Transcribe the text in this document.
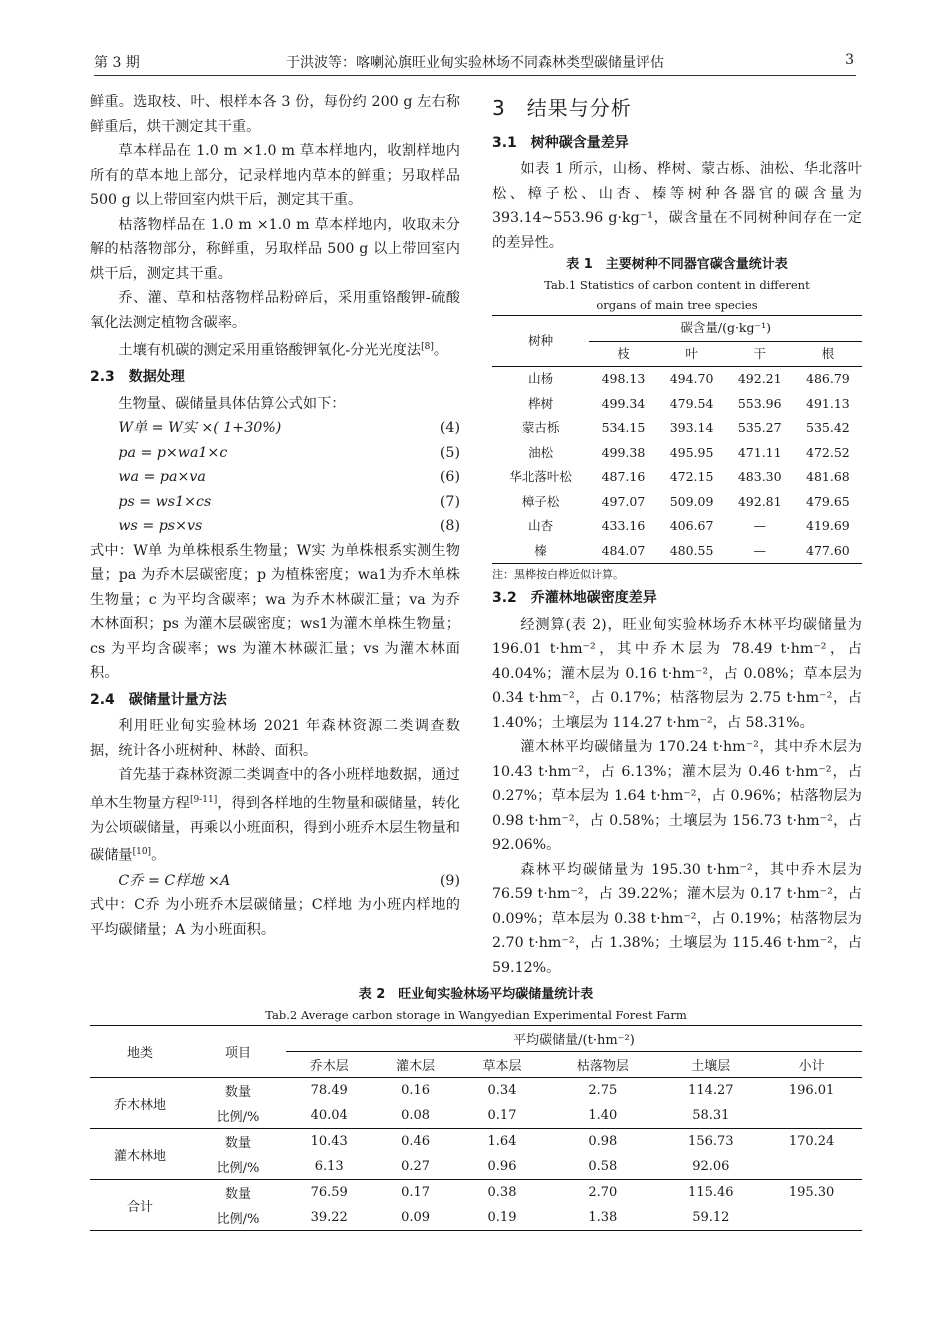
第 3 期	于洪波等：喀喇沁旗旺业甸实验林场不同森林类型碳储量评估	3

鲜重。选取枝、叶、根样本各 3 份，每份约 200 g 左右称鲜重后，烘干测定其干重。

草本样品在 1.0 m ×1.0 m 草本样地内，收割样地内所有的草本地上部分，记录样地内草本的鲜重；另取样品 500 g 以上带回室内烘干后，测定其干重。

枯落物样品在 1.0 m ×1.0 m 草本样地内，收取未分解的枯落物部分，称鲜重，另取样品 500 g 以上带回室内烘干后，测定其干重。

乔、灌、草和枯落物样品粉碎后，采用重铬酸钾-硫酸氧化法测定植物含碳率。

土壤有机碳的测定采用重铬酸钾氧化-分光光度法[8]。

2.3　数据处理

生物量、碳储量具体估算公式如下：

W单 = W实 ×( 1+30%)	(4)
pa = p×wa1×c	(5)
wa = pa×va	(6)
ps = ws1×cs	(7)
ws = ps×vs	(8)

式中：W单 为单株根系生物量；W实 为单株根系实测生物量；pa 为乔木层碳密度；p 为植株密度；wa1为乔木单株生物量；c 为平均含碳率；wa 为乔木林碳汇量；va 为乔木林面积；ps 为灌木层碳密度；ws1为灌木单株生物量；cs 为平均含碳率；ws 为灌木林碳汇量；vs 为灌木林面积。

2.4　碳储量计量方法

利用旺业甸实验林场 2021 年森林资源二类调查数据，统计各小班树种、林龄、面积。

首先基于森林资源二类调查中的各小班样地数据，通过单木生物量方程[9-11]，得到各样地的生物量和碳储量，转化为公顷碳储量，再乘以小班面积，得到小班乔木层生物量和碳储量[10]。

C乔 = C样地 ×A	(9)

式中：C乔 为小班乔木层碳储量；C样地 为小班内样地的平均碳储量；A 为小班面积。

3　结果与分析
3.1　树种碳含量差异

如表 1 所示，山杨、桦树、蒙古栎、油松、华北落叶松、樟子松、山杏、榛等树种各器官的碳含量为 393.14~553.96 g·kg⁻¹，碳含量在不同树种间存在一定的差异性。

表 1　主要树种不同器官碳含量统计表
Tab.1 Statistics of carbon content in different
organs of main tree species
树种	碳含量/(g·kg⁻¹)			
	枝	叶	干	根
山杨	498.13	494.70	492.21	486.79
桦树	499.34	479.54	553.96	491.13
蒙古栎	534.15	393.14	535.27	535.42
油松	499.38	495.95	471.11	472.52
华北落叶松	487.16	472.15	483.30	481.68
樟子松	497.07	509.09	492.81	479.65
山杏	433.16	406.67	—	419.69
榛	484.07	480.55	—	477.60
注：黑桦按白桦近似计算。
3.2　乔灌林地碳密度差异

经测算(表 2)，旺业甸实验林场乔木林平均碳储量为 196.01 t·hm⁻²，其中乔木层为 78.49 t·hm⁻²，占 40.04%；灌木层为 0.16 t·hm⁻²，占 0.08%；草本层为 0.34 t·hm⁻²，占 0.17%；枯落物层为 2.75 t·hm⁻²，占 1.40%；土壤层为 114.27 t·hm⁻²，占 58.31%。

灌木林平均碳储量为 170.24 t·hm⁻²，其中乔木层为 10.43 t·hm⁻²，占 6.13%；灌木层为 0.46 t·hm⁻²，占 0.27%；草本层为 1.64 t·hm⁻²，占 0.96%；枯落物层为 0.98 t·hm⁻²，占 0.58%；土壤层为 156.73 t·hm⁻²，占 92.06%。

森林平均碳储量为 195.30 t·hm⁻²，其中乔木层为 76.59 t·hm⁻²，占 39.22%；灌木层为 0.17 t·hm⁻²，占 0.09%；草本层为 0.38 t·hm⁻²，占 0.19%；枯落物层为 2.70 t·hm⁻²，占 1.38%；土壤层为 115.46 t·hm⁻²，占 59.12%。

表 2　旺业甸实验林场平均碳储量统计表
Tab.2 Average carbon storage in Wangyedian Experimental Forest Farm
地类	项目	平均碳储量/(t·hm⁻²)					
		乔木层	灌木层	草本层	枯落物层	土壤层	小计
乔木林地	数量	78.49	0.16	0.34	2.75	114.27	196.01
	比例/%	40.04	0.08	0.17	1.40	58.31	
灌木林地	数量	10.43	0.46	1.64	0.98	156.73	170.24
	比例/%	6.13	0.27	0.96	0.58	92.06	
合计	数量	76.59	0.17	0.38	2.70	115.46	195.30
	比例/%	39.22	0.09	0.19	1.38	59.12	
